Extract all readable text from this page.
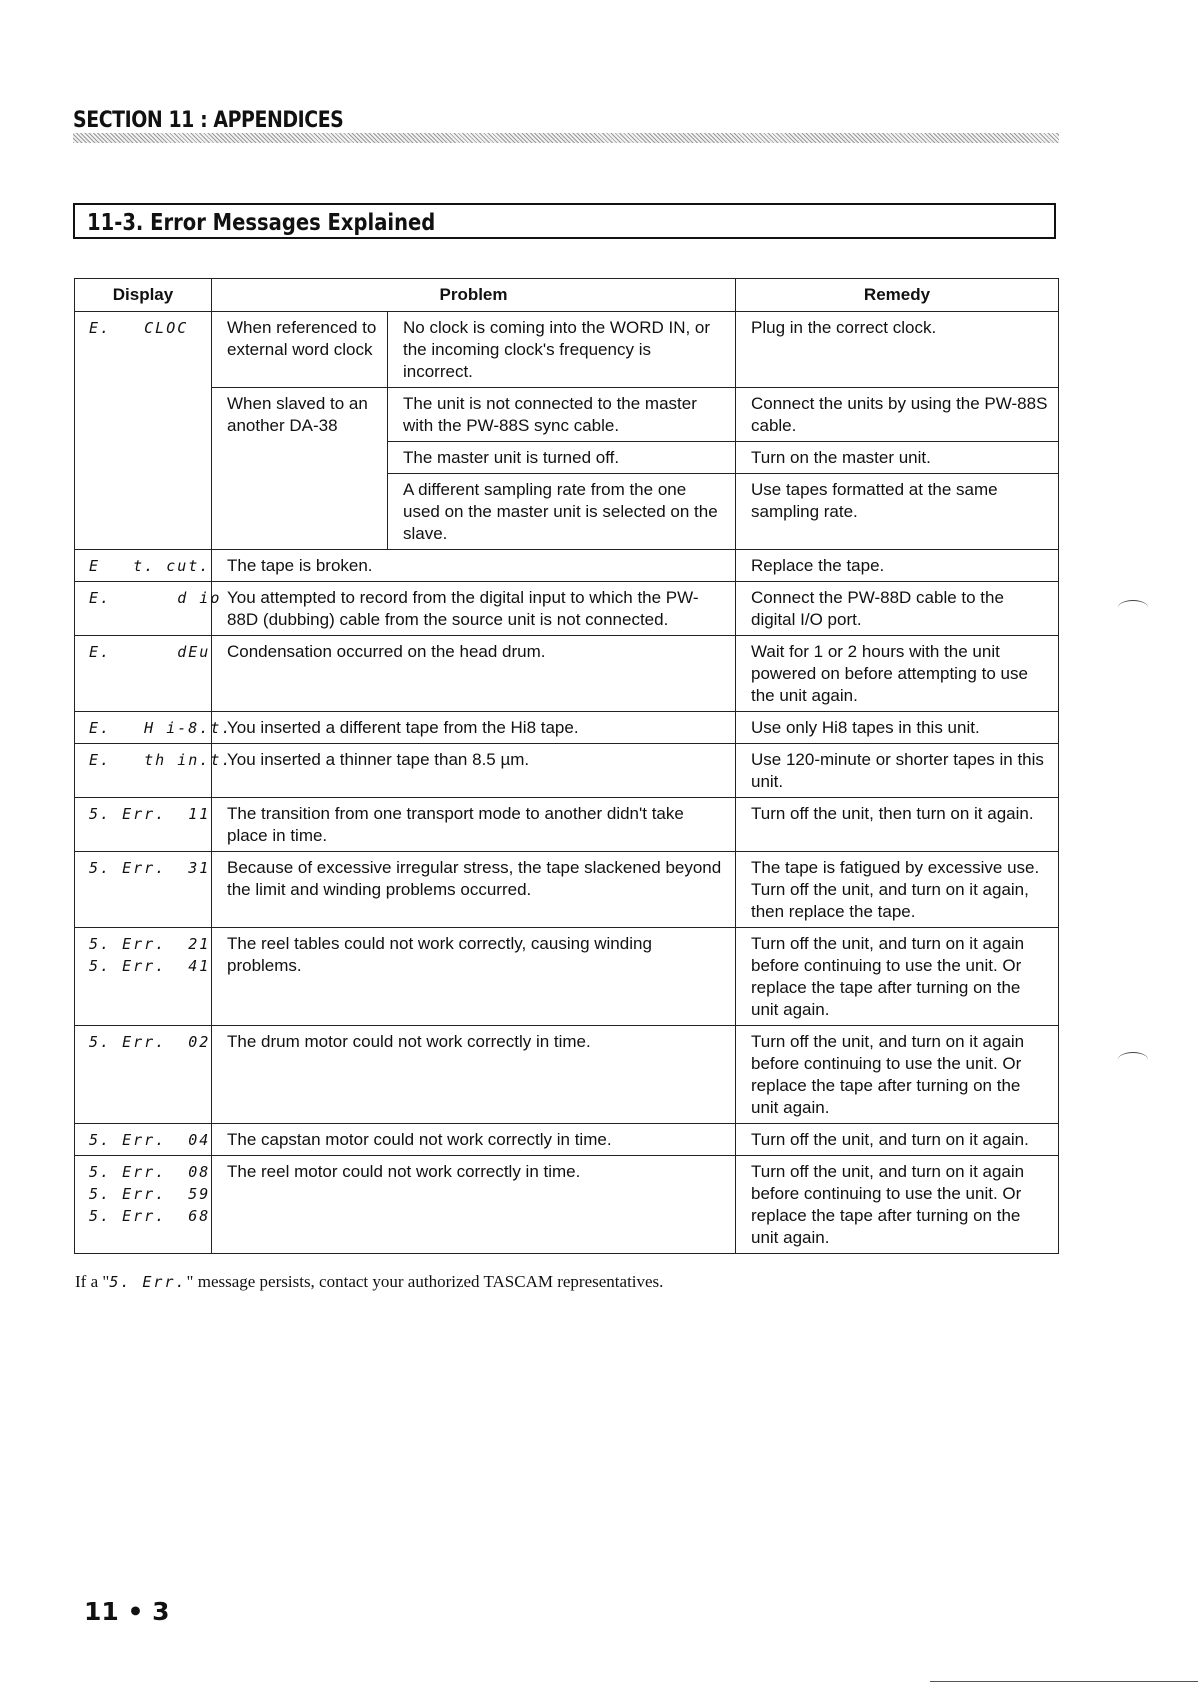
SECTION 11 : APPENDICES
11-3. Error Messages Explained
Display	Problem		Remedy

E.   CLOC	When referenced to external word clock	No clock is coming into the WORD IN, or the incoming clock's frequency is incorrect.	Plug in the correct clock.
	When slaved to an another DA-38	The unit is not connected to the master with the PW-88S sync cable.	Connect the units by using the PW-88S cable.
		The master unit is turned off.	Turn on the master unit.
		A different sampling rate from the one used on the master unit is selected on the slave.	Use tapes formatted at the same sampling rate.

E   t. cut.	The tape is broken.		Replace the tape.

E.      d io	You attempted to record from the digital input to which the PW-88D (dubbing) cable from the source unit is not connected.		Connect the PW-88D cable to the digital I/O port.

E.      dEu	Condensation occurred on the head drum.		Wait for 1 or 2 hours with the unit powered on before attempting to use the unit again.

E.   H i-8.t.	You inserted a different tape from the Hi8 tape.		Use only Hi8 tapes in this unit.

E.   th in.t.	You inserted a thinner tape than 8.5 µm.		Use 120-minute or shorter tapes in this unit.

5. Err.  11	The transition from one transport mode to another didn't take place in time.		Turn off the unit, then turn on it again.

5. Err.  31	Because of excessive irregular stress, the tape slackened beyond the limit and winding problems occurred.		The tape is fatigued by excessive use. Turn off the unit, and turn on it again, then replace the tape.

5. Err.  21
5. Err.  41	The reel tables could not work correctly, causing winding problems.		Turn off the unit, and turn on it again before continuing to use the unit. Or replace the tape after turning on the unit again.

5. Err.  02	The drum motor could not work correctly in time.		Turn off the unit, and turn on it again before continuing to use the unit. Or replace the tape after turning on the unit again.

5. Err.  04	The capstan motor could not work correctly in time.		Turn off the unit, and turn on it again.

5. Err.  08
5. Err.  59
5. Err.  68	The reel motor could not work correctly in time.		Turn off the unit, and turn on it again before continuing to use the unit. Or replace the tape after turning on the unit again.
If a "5. Err." message persists, contact your authorized TASCAM representatives.
11 • 3
